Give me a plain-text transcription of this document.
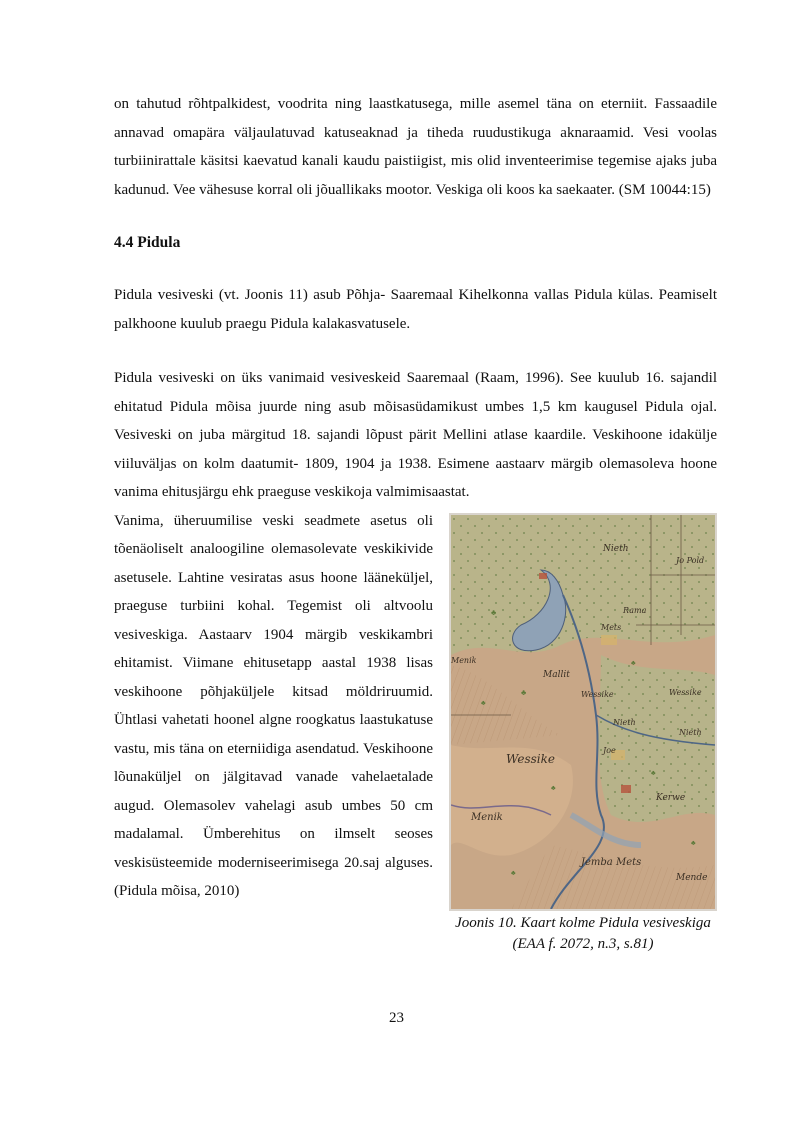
on tahutud rõhtpalkidest, voodrita ning laastkatusega, mille asemel täna on eterniit. Fassaadile annavad omapära väljaulatuvad katuseaknad ja tiheda ruudustikuga aknaraamid. Vesi voolas turbiinirattale käsitsi kaevatud kanali kaudu paistiigist, mis olid inventeerimise tegemise ajaks juba kadunud. Vee vähesuse korral oli jõuallikaks mootor. Veskiga oli koos ka saekaater. (SM 10044:15)

4.4 Pidula

Pidula vesiveski (vt. Joonis 11) asub Põhja- Saaremaal Kihelkonna vallas Pidula külas. Peamiselt palkhoone kuulub praegu Pidula kalakasvatusele.

Pidula vesiveski on üks vanimaid vesiveskeid Saaremaal (Raam, 1996). See kuulub 16. sajandil ehitatud Pidula mõisa juurde ning asub mõisasüdamikust umbes 1,5 km kaugusel Pidula ojal. Vesiveski on juba märgitud 18. sajandi lõpust pärit Mellini atlase kaardile. Veskihoone idakülje viiluväljas on kolm daatumit- 1809, 1904 ja 1938. Esimene aastaarv märgib olemasoleva hoone vanima ehitusjärgu ehk praeguse veskikoja valmimisaastat.

Nieth
Rama
Mets
Mallit
Wessike
Nieth
Wessike
Wessike
Nieth
Joe
Menik
Jemba Mets
Mende
Kerwe
Jo Pold
Menik
♣
♣
♣
♣
♣
♣
♣
♣
Joonis 10. Kaart kolme Pidula vesiveskiga (EAA f. 2072, n.3, s.81)

Vanima, üheruumilise veski seadmete asetus oli tõenäoliselt analoogiline olemasolevate veskikivide asetusele. Lahtine vesiratas asus hoone lääneküljel, praeguse turbiini kohal. Tegemist oli altvoolu vesiveskiga. Aastaarv 1904 märgib veskikambri ehitamist. Viimane ehitusetapp aastal 1938 lisas veskihoone põhjaküljele kitsad möldriruumid. Ühtlasi vahetati hoonel algne roogkatus laastukatuse vastu, mis täna on eterniidiga asendatud. Veskihoone lõunaküljel on jälgitavad vanade vahelaetalade augud. Olemasolev vahelagi asub umbes 50 cm madalamal. Ümberehitus on ilmselt seoses veskisüsteemide moderniseerimisega 20.saj alguses. (Pidula mõisa, 2010)

23
